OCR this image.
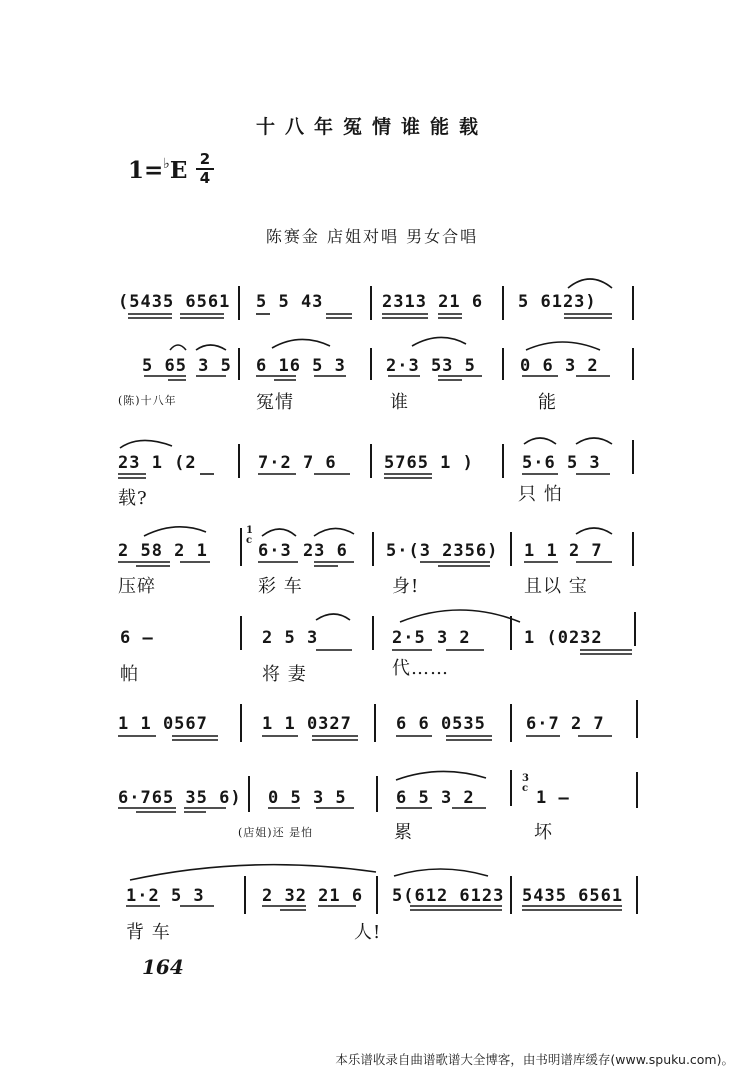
十八年冤情谁能载
1=♭E 2
4
陈赛金 店姐对唱 男女合唱
(5435 6561 5 5 43	2313 21 6 5 6123)
5 65 3 5 6 16 5 3 2·3 53 5	0 6 3 2
(陈)十八年	冤情	谁	能
23 1 (2	7·2 7 6	5765 1 )	5·6 5 3
载?	只 怕
2 58 2 1
1
c
6·3 23 6 5·(3 2356) 1 1 2 7
压碎	彩 车	身!	且以 宝
6 —	2 5 3	2·5 3 2	1 (0232
帕	将 妻	代……
1 1 0567	1 1 0327	6 6 0535 6·7 2 7
6·765 35 6) 0 5 3 5	6 5 3 2
3
c 1 —
(店姐)还 是怕	累	坏
1·2 5 3	2 32 21 6 5(612 6123 5435 6561
背 车	人!
164
本乐谱收录自曲谱歌谱大全博客，由书明谱库缓存(www.spuku.com)。
